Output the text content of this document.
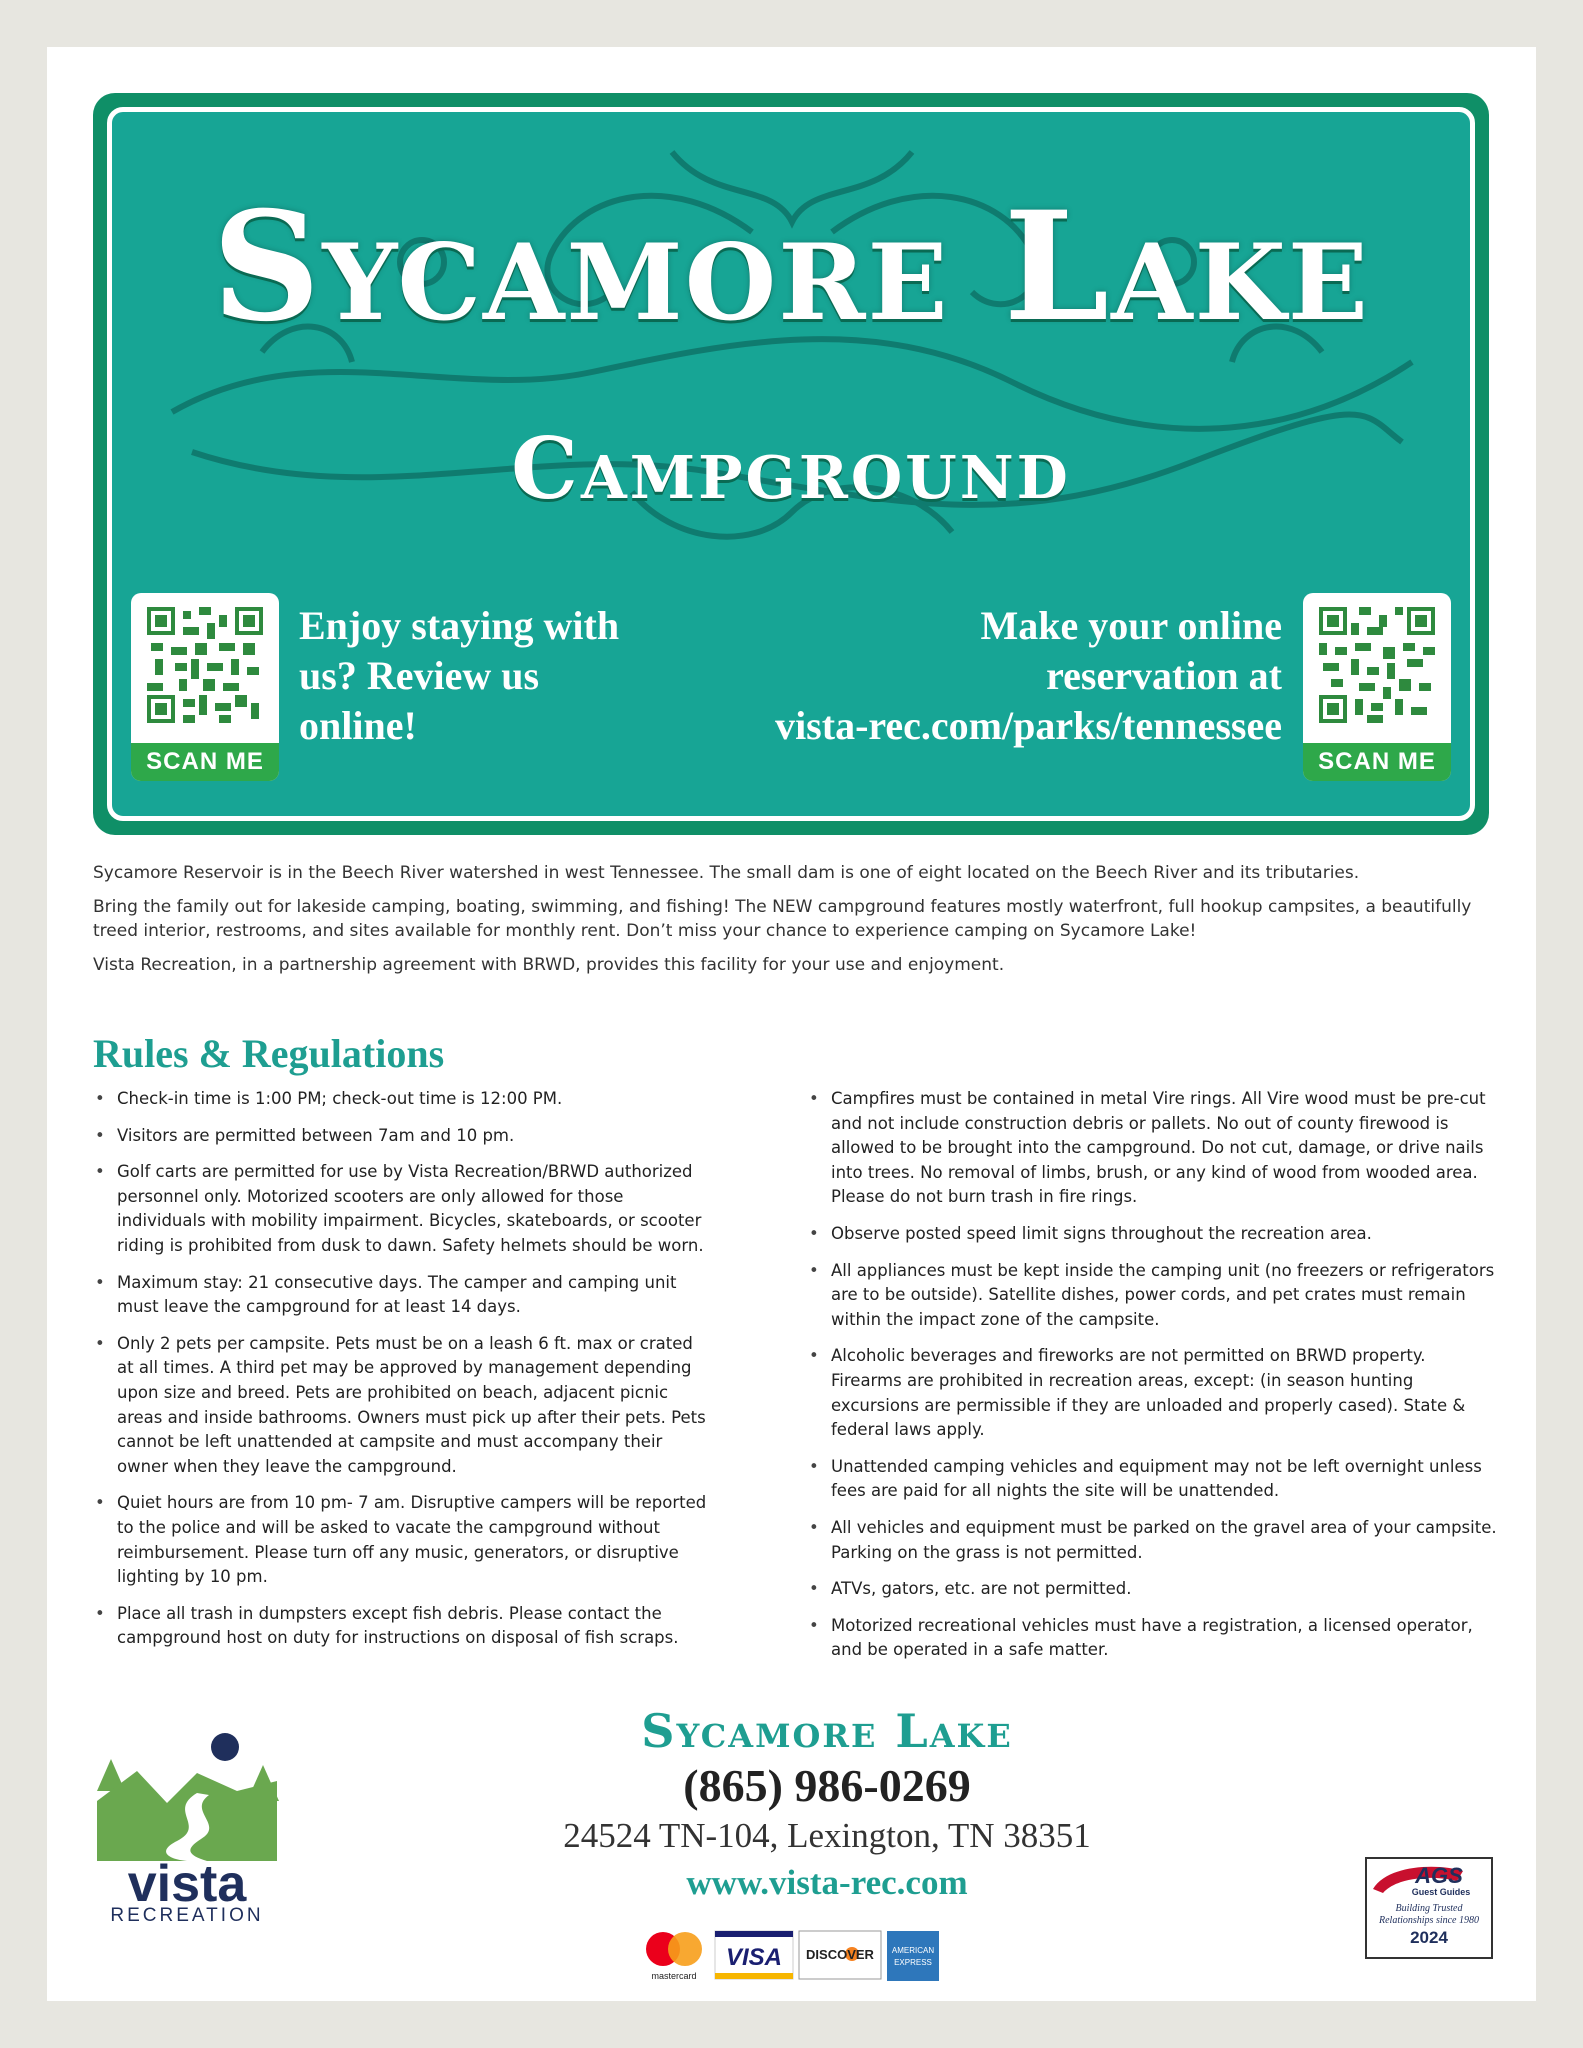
Sycamore Lake
Campground
SCAN ME
Enjoy staying with us? Review us online!
Make your online
reservation at
vista-rec.com/parks/tennessee
SCAN ME

Sycamore Reservoir is in the Beech River watershed in west Tennessee. The small dam is one of eight located on the Beech River and its tributaries.

Bring the family out for lakeside camping, boating, swimming, and fishing! The NEW campground features mostly waterfront, full hookup campsites, a beautifully treed interior, restrooms, and sites available for monthly rent. Don’t miss your chance to experience camping on Sycamore Lake!

Vista Recreation, in a partnership agreement with BRWD, provides this facility for your use and enjoyment.

Rules & Regulations
• Check-in time is 1:00 PM; check-out time is 12:00 PM.
• Visitors are permitted between 7am and 10 pm.
• Golf carts are permitted for use by Vista Recreation/BRWD authorized personnel only. Motorized scooters are only allowed for those individuals with mobility impairment. Bicycles, skateboards, or scooter riding is prohibited from dusk to dawn. Safety helmets should be worn.
• Maximum stay: 21 consecutive days. The camper and camping unit must leave the campground for at least 14 days.
• Only 2 pets per campsite. Pets must be on a leash 6 ft. max or crated at all times. A third pet may be approved by management depending upon size and breed. Pets are prohibited on beach, adjacent picnic areas and inside bathrooms. Owners must pick up after their pets. Pets cannot be left unattended at campsite and must accompany their owner when they leave the campground.
• Quiet hours are from 10 pm- 7 am. Disruptive campers will be reported to the police and will be asked to vacate the campground without reimbursement. Please turn off any music, generators, or disruptive lighting by 10 pm.
• Place all trash in dumpsters except fish debris. Please contact the campground host on duty for instructions on disposal of fish scraps.
• Campfires must be contained in metal Vire rings. All Vire wood must be pre-cut and not include construction debris or pallets. No out of county firewood is allowed to be brought into the campground. Do not cut, damage, or drive nails into trees. No removal of limbs, brush, or any kind of wood from wooded area. Please do not burn trash in fire rings.
• Observe posted speed limit signs throughout the recreation area.
• All appliances must be kept inside the camping unit (no freezers or refrigerators are to be outside). Satellite dishes, power cords, and pet crates must remain within the impact zone of the campsite.
• Alcoholic beverages and fireworks are not permitted on BRWD property. Firearms are prohibited in recreation areas, except: (in season hunting excursions are permissible if they are unloaded and properly cased). State & federal laws apply.
• Unattended camping vehicles and equipment may not be left overnight unless fees are paid for all nights the site will be unattended.
• All vehicles and equipment must be parked on the gravel area of your campsite. Parking on the grass is not permitted.
• ATVs, gators, etc. are not permitted.
• Motorized recreational vehicles must have a registration, a licensed operator, and be operated in a safe matter.
vista
RECREATION
Sycamore Lake
(865) 986-0269
24524 TN-104, Lexington, TN 38351
www.vista-rec.com
mastercard
VISA DISCOVER AMERICAN
EXPRESS
AGS
Guest Guides
Building Trusted
Relationships since 1980
2024
